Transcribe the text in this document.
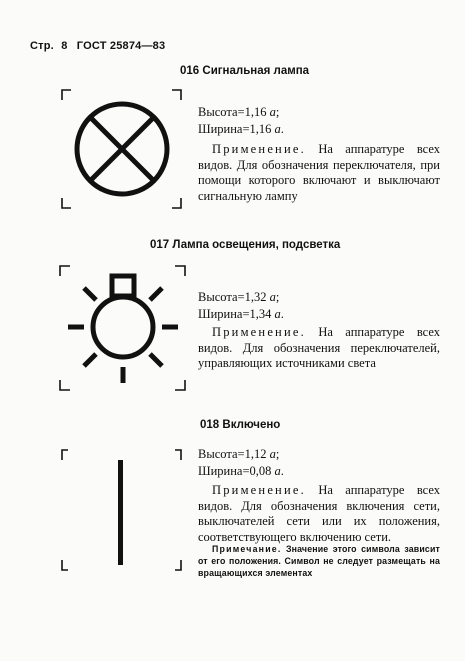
Стр. 8 ГОСТ 25874—83
016 Сигнальная лампа
Высота=1,16 а;
Ширина=1,16 а.
Применение. На аппаратуре всех видов. Для обозначения переключателя, при помощи которого включают и выключают сигнальную лампу
017 Лампа освещения, подсветка
Высота=1,32 а;
Ширина=1,34 а.
Применение. На аппаратуре всех видов. Для обозначения переключателей, управляющих источниками света
018 Включено
Высота=1,12 а;
Ширина=0,08 а.
Применение. На аппаратуре всех видов. Для обозначения включения сети, выключателей сети или их положения, соответствующего включению сети.
Примечание. Значение этого символа зависит от его положения. Символ не следует размещать на вращающихся элементах
